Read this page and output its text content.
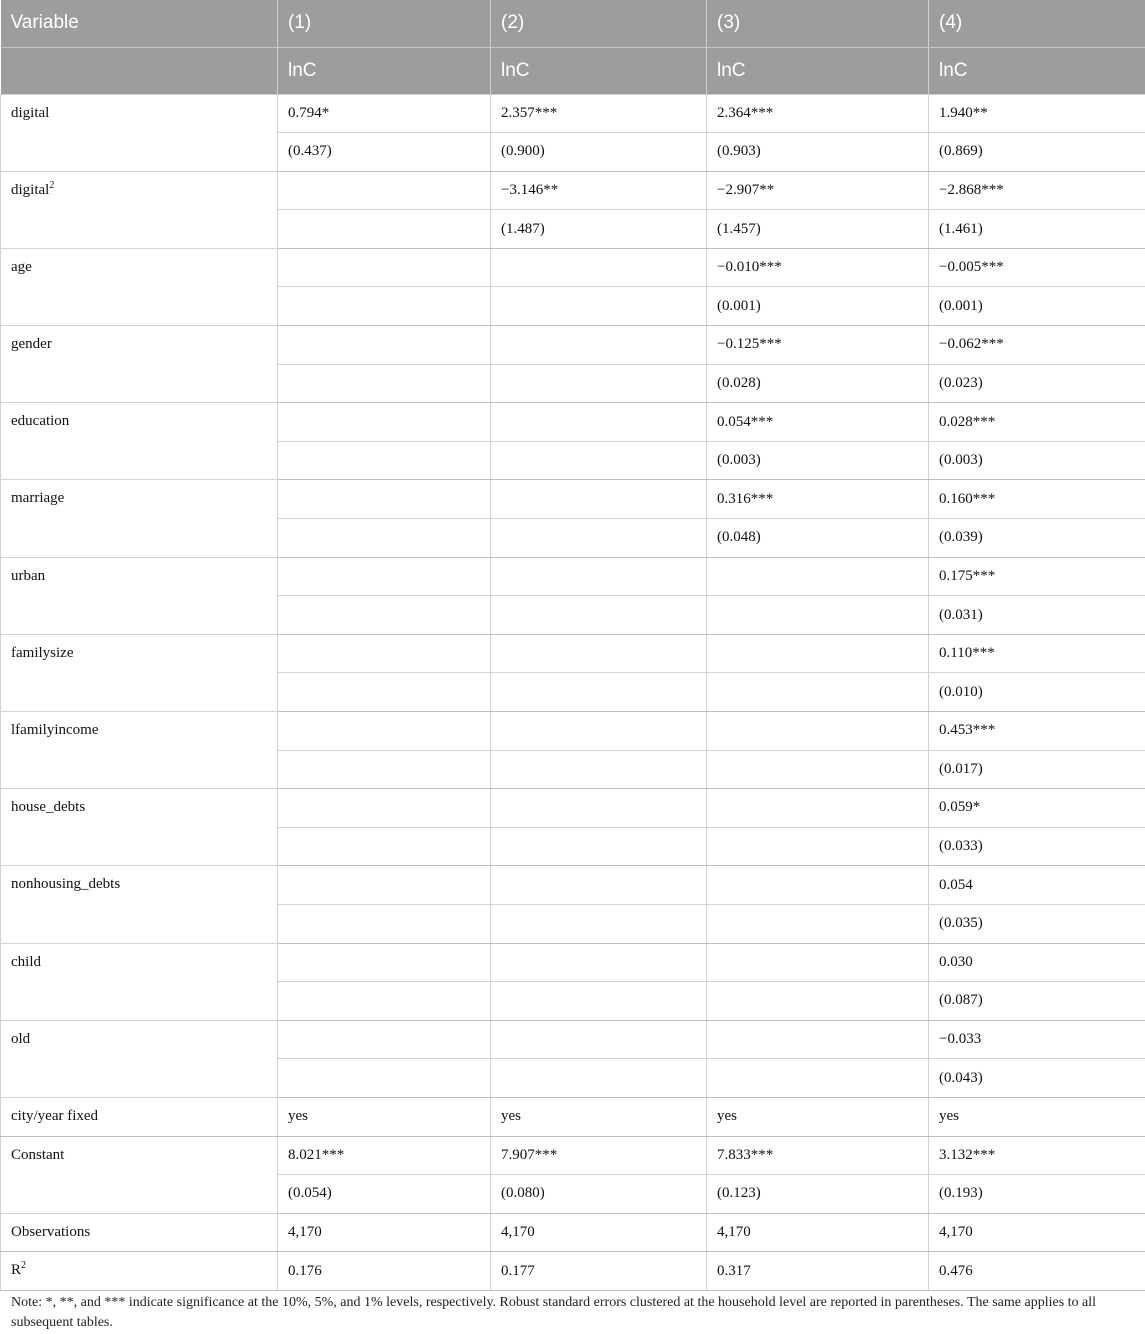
Variable	(1)	(2)	(3)	(4)
	lnC	lnC	lnC	lnC
digital	0.794*	2.357***	2.364***	1.940**
	(0.437)	(0.900)	(0.903)	(0.869)
digital$^2$		−3.146**	−2.907**	−2.868***
		(1.487)	(1.457)	(1.461)
age			−0.010***	−0.005***
			(0.001)	(0.001)
gender			−0.125***	−0.062***
			(0.028)	(0.023)
education			0.054***	0.028***
			(0.003)	(0.003)
marriage			0.316***	0.160***
			(0.048)	(0.039)
urban				0.175***
				(0.031)
familysize				0.110***
				(0.010)
lfamilyincome				0.453***
				(0.017)
house_debts				0.059*
				(0.033)
nonhousing_debts				0.054
				(0.035)
child				0.030
				(0.087)
old				−0.033
				(0.043)
city/year fixed	yes	yes	yes	yes
Constant	8.021***	7.907***	7.833***	3.132***
	(0.054)	(0.080)	(0.123)	(0.193)
Observations	4,170	4,170	4,170	4,170
$R^2$	0.176	0.177	0.317	0.476

Note: *, **, and *** indicate significance at the 10%, 5%, and 1% levels, respectively. Robust standard errors clustered at the household level are reported in parentheses. The same applies to all subsequent tables.
